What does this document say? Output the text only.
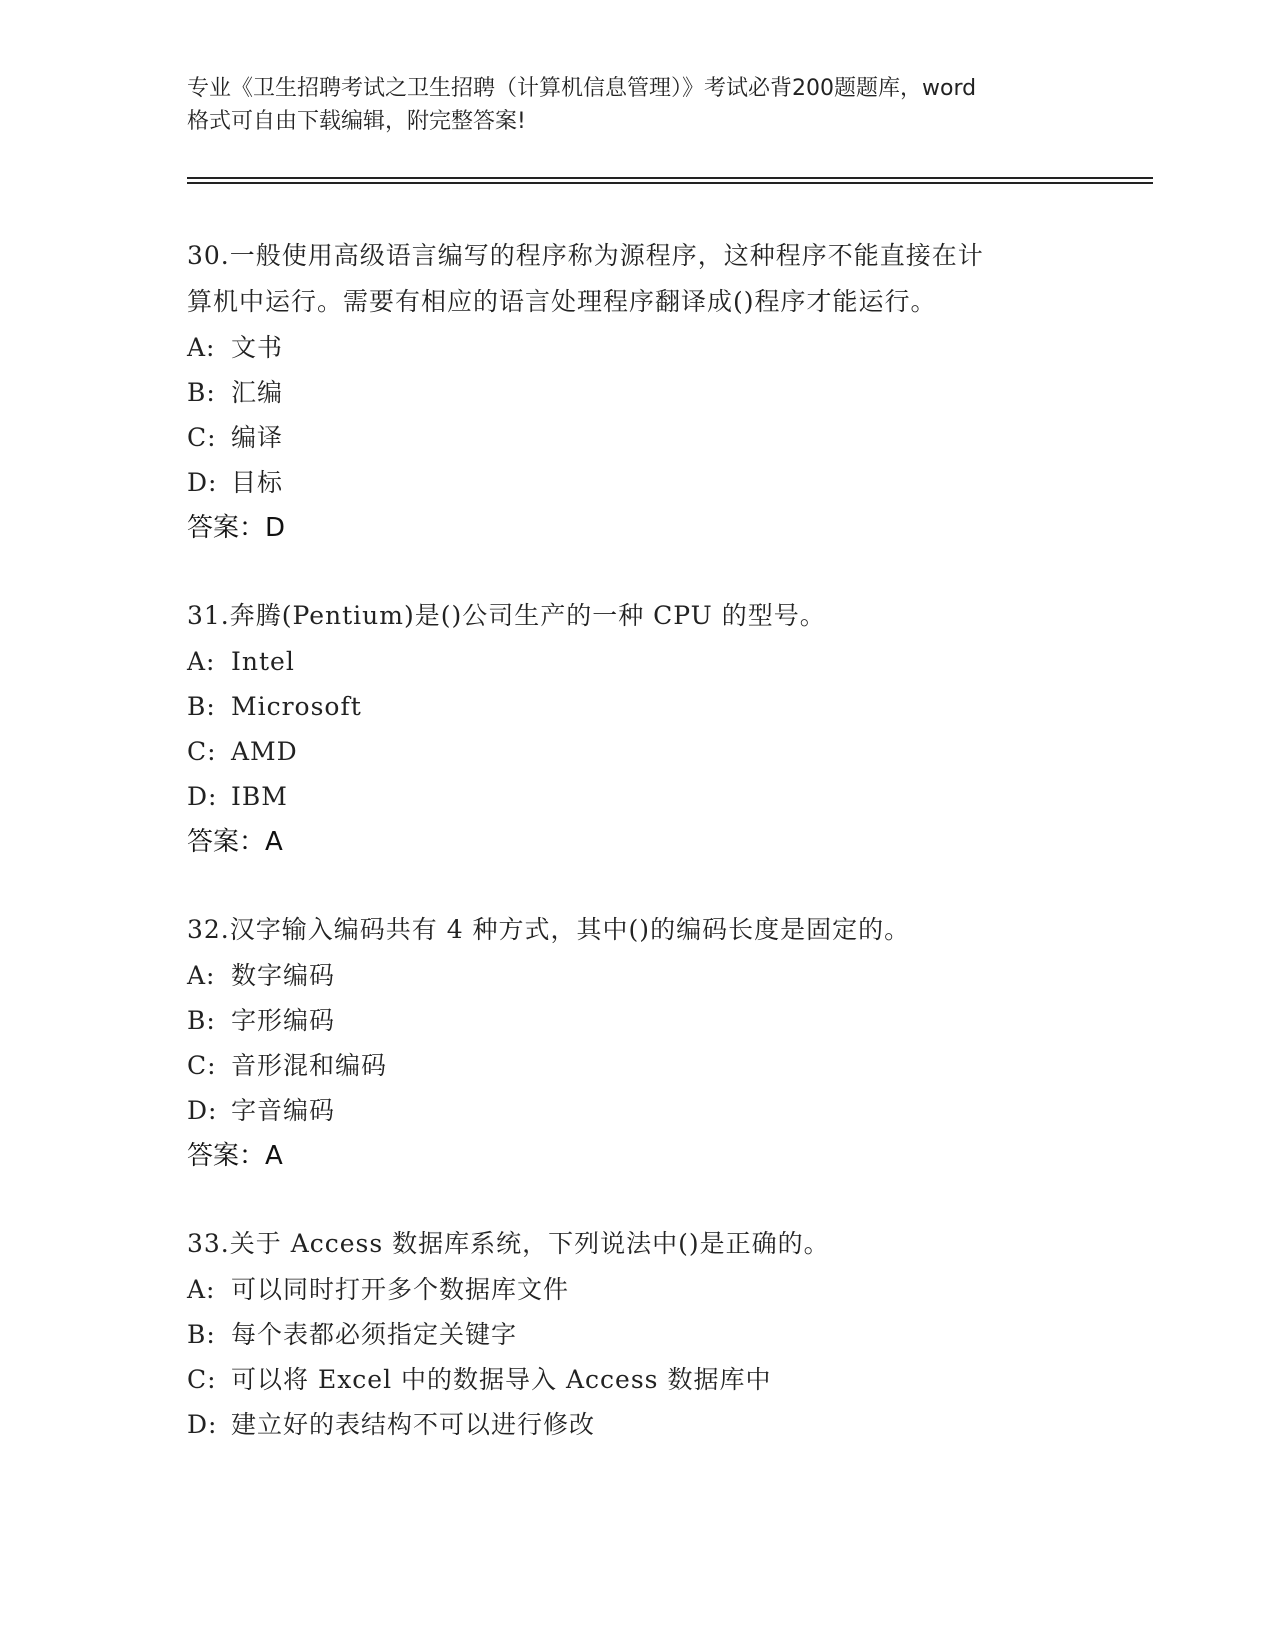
专业《卫生招聘考试之卫生招聘（计算机信息管理）》考试必背200题题库，word
格式可自由下载编辑，附完整答案!
30.一般使用高级语言编写的程序称为源程序，这种程序不能直接在计
算机中运行。需要有相应的语言处理程序翻译成()程序才能运行。
A: 文书
B: 汇编
C: 编译
D: 目标
答案：D
31.奔腾(Pentium)是()公司生产的一种 CPU 的型号。
A: Intel
B: Microsoft
C: AMD
D: IBM
答案：A
32.汉字输入编码共有 4 种方式，其中()的编码长度是固定的。
A: 数字编码
B: 字形编码
C: 音形混和编码
D: 字音编码
答案：A
33.关于 Access 数据库系统，下列说法中()是正确的。
A: 可以同时打开多个数据库文件
B: 每个表都必须指定关键字
C: 可以将 Excel 中的数据导入 Access 数据库中
D: 建立好的表结构不可以进行修改
